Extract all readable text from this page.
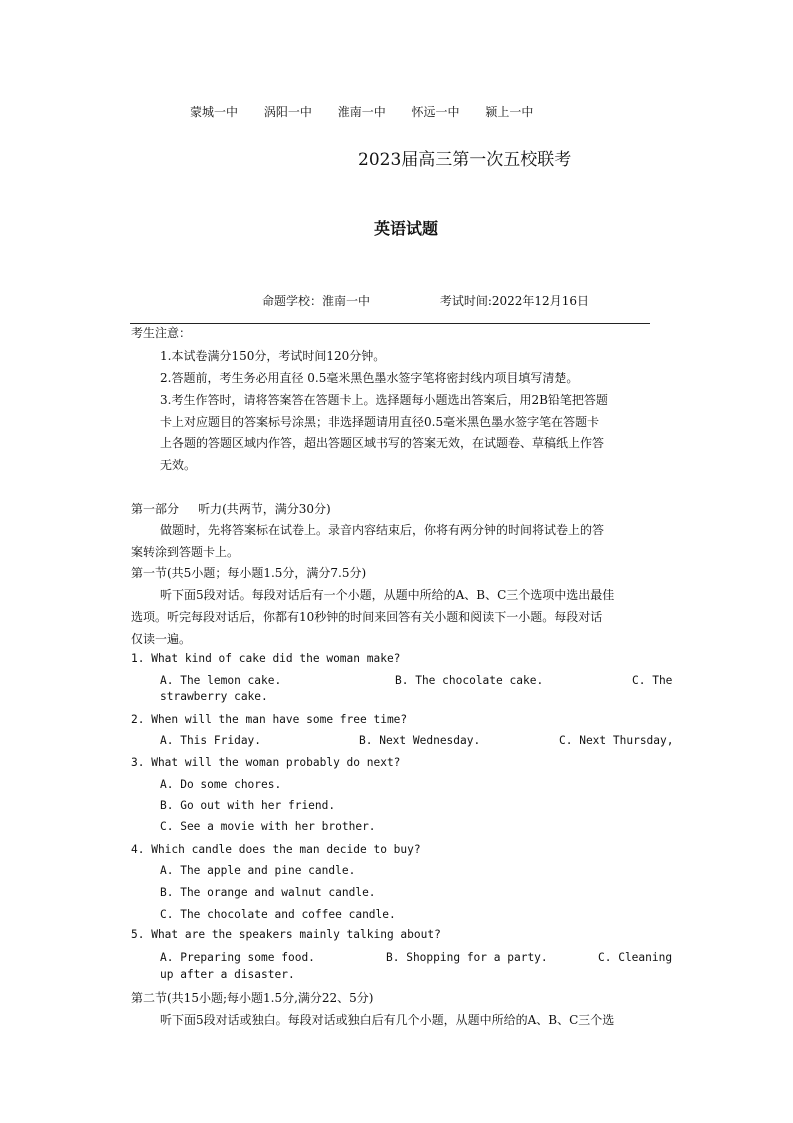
蒙城一中 涡阳一中 淮南一中 怀远一中 颍上一中
2023届高三第一次五校联考
英语试题
命题学校：淮南一中	考试时间:2022年12月16日
考生注意：
1.本试卷满分150分，考试时间120分钟。
2.答题前，考生务必用直径 0.5毫米黑色墨水签字笔将密封线内项目填写清楚。
3.考生作答时，请将答案答在答题卡上。选择题每小题选出答案后，用2B铅笔把答题
卡上对应题目的答案标号涂黑；非选择题请用直径0.5毫米黑色墨水签字笔在答题卡
上各题的答题区域内作答，超出答题区域书写的答案无效，在试题卷、草稿纸上作答
无效。
第一部分     听力(共两节，满分30分)
做题时，先将答案标在试卷上。录音内容结束后，你将有两分钟的时间将试卷上的答
案转涂到答题卡上。
第一节(共5小题；每小题1.5分，满分7.5分)
听下面5段对话。每段对话后有一个小题，从题中所给的A、B、C三个选项中选出最佳
选项。听完每段对话后，你都有10秒钟的时间来回答有关小题和阅读下一小题。每段对话
仅读一遍。
1. What kind of cake did the woman make?
A. The lemon cake.	B. The chocolate cake.	C. The
strawberry cake.
2. When will the man have some free time?
A. This Friday.	B. Next Wednesday.	C. Next Thursday,
3. What will the woman probably do next?
A. Do some chores.
B. Go out with her friend.
C. See a movie with her brother.
4. Which candle does the man decide to buy?
A. The apple and pine candle.
B. The orange and walnut candle.
C. The chocolate and coffee candle.
5. What are the speakers mainly talking about?
A. Preparing some food.	B. Shopping for a party.	C. Cleaning
up after a disaster.
第二节(共15小题;每小题1.5分,满分22、5分)
听下面5段对话或独白。每段对话或独白后有几个小题，从题中所给的A、B、C三个选
